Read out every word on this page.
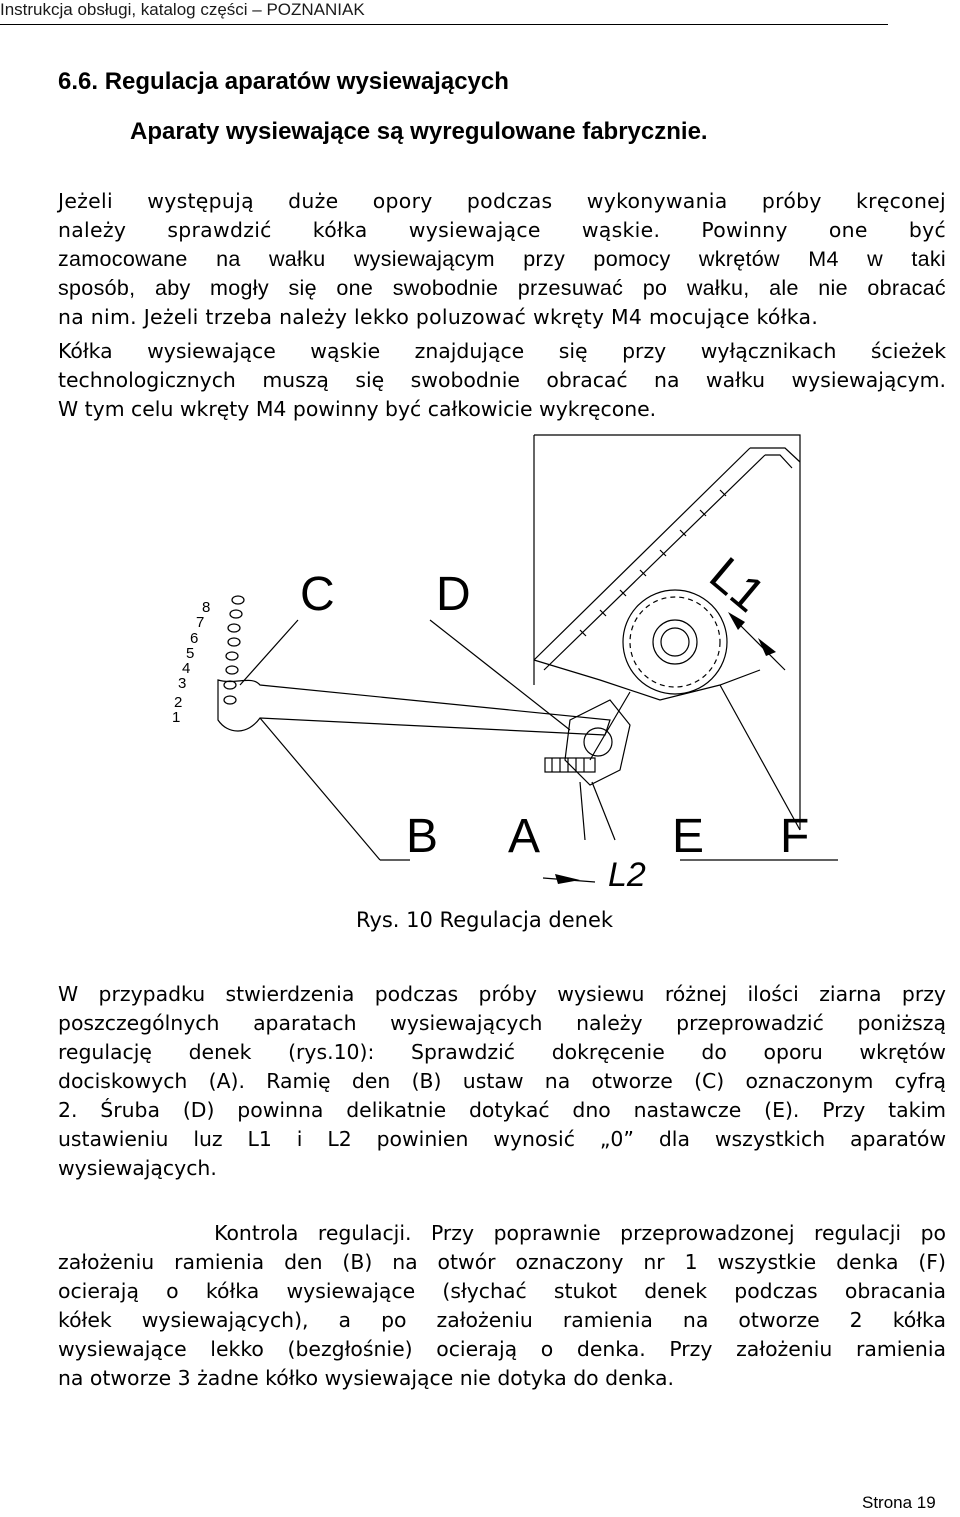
Instrukcja obsługi, katalog części – POZNANIAK
6.6. Regulacja aparatów wysiewających
Aparaty wysiewające są wyregulowane fabrycznie.
Jeżeli występują duże opory podczas wykonywania próby kręconej
należy sprawdzić kółka wysiewające wąskie. Powinny one być
zamocowane na wałku wysiewającym przy pomocy wkrętów M4 w taki
sposób, aby mogły się one swobodnie przesuwać po wałku, ale nie obracać
na nim. Jeżeli trzeba należy lekko poluzować wkręty M4 mocujące kółka.
Kółka wysiewające wąskie znajdujące się przy wyłącznikach ścieżek
technologicznych muszą się swobodnie obracać na wałku wysiewającym.
W tym celu wkręty M4 powinny być całkowicie wykręcone.
C D	L1
B A	E F
L2
8
7
6
5
4
3
2
1
Rys. 10 Regulacja denek
W przypadku stwierdzenia podczas próby wysiewu różnej ilości ziarna przy
poszczególnych aparatach wysiewających należy przeprowadzić poniższą
regulację denek (rys.10): Sprawdzić dokręcenie do oporu wkrętów
dociskowych (A). Ramię den (B) ustaw na otworze (C) oznaczonym cyfrą
2. Śruba (D) powinna delikatnie dotykać dno nastawcze (E). Przy takim
ustawieniu luz L1 i L2 powinien wynosić „0” dla wszystkich aparatów
wysiewających.
Kontrola regulacji. Przy poprawnie przeprowadzonej regulacji po
założeniu ramienia den (B) na otwór oznaczony nr 1 wszystkie denka (F)
ocierają o kółka wysiewające (słychać stukot denek podczas obracania
kółek wysiewających), a po założeniu ramienia na otworze 2 kółka
wysiewające lekko (bezgłośnie) ocierają o denka. Przy założeniu ramienia
na otworze 3 żadne kółko wysiewające nie dotyka do denka.
Strona 19
